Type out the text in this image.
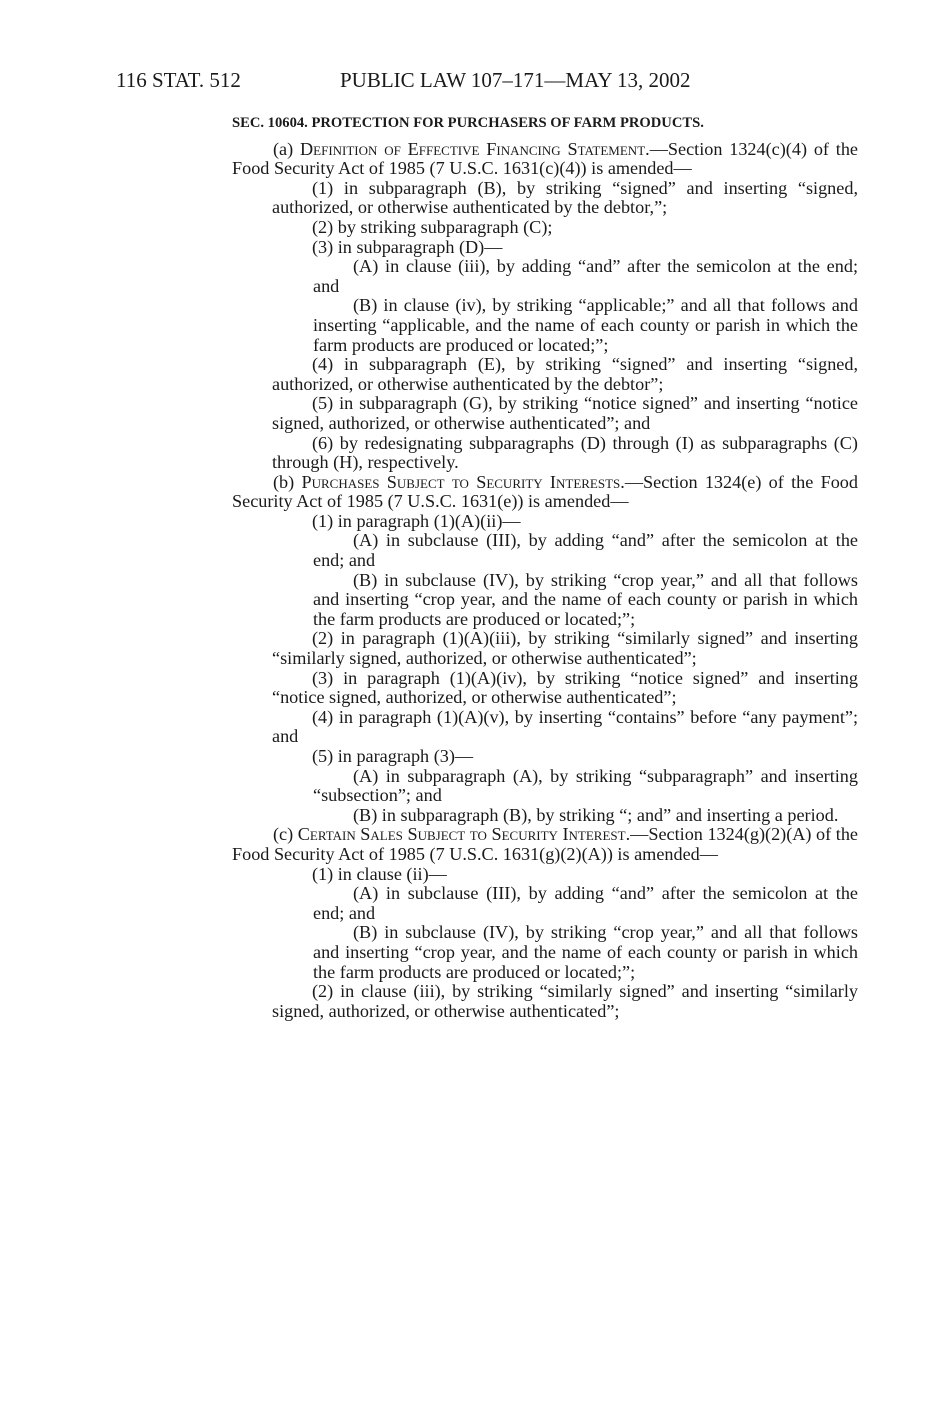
116 STAT. 512	PUBLIC LAW 107–171—MAY 13, 2002

SEC. 10604. PROTECTION FOR PURCHASERS OF FARM PRODUCTS.

(a) Definition of Effective Financing Statement.—Section 1324(c)(4) of the Food Security Act of 1985 (7 U.S.C. 1631(c)(4)) is amended—

(1) in subparagraph (B), by striking “signed” and inserting “signed, authorized, or otherwise authenticated by the debtor,”;

(2) by striking subparagraph (C);

(3) in subparagraph (D)—

(A) in clause (iii), by adding “and” after the semicolon at the end; and

(B) in clause (iv), by striking “applicable;” and all that follows and inserting “applicable, and the name of each county or parish in which the farm products are produced or located;”;

(4) in subparagraph (E), by striking “signed” and inserting “signed, authorized, or otherwise authenticated by the debtor”;

(5) in subparagraph (G), by striking “notice signed” and inserting “notice signed, authorized, or otherwise authenticated”; and

(6) by redesignating subparagraphs (D) through (I) as subparagraphs (C) through (H), respectively.

(b) Purchases Subject to Security Interests.—Section 1324(e) of the Food Security Act of 1985 (7 U.S.C. 1631(e)) is amended—

(1) in paragraph (1)(A)(ii)—

(A) in subclause (III), by adding “and” after the semicolon at the end; and

(B) in subclause (IV), by striking “crop year,” and all that follows and inserting “crop year, and the name of each county or parish in which the farm products are produced or located;”;

(2) in paragraph (1)(A)(iii), by striking “similarly signed” and inserting “similarly signed, authorized, or otherwise authenticated”;

(3) in paragraph (1)(A)(iv), by striking “notice signed” and inserting “notice signed, authorized, or otherwise authenticated”;

(4) in paragraph (1)(A)(v), by inserting “contains” before “any payment”; and

(5) in paragraph (3)—

(A) in subparagraph (A), by striking “subparagraph” and inserting “subsection”; and

(B) in subparagraph (B), by striking “; and” and inserting a period.

(c) Certain Sales Subject to Security Interest.—Section 1324(g)(2)(A) of the Food Security Act of 1985 (7 U.S.C. 1631(g)(2)(A)) is amended—

(1) in clause (ii)—

(A) in subclause (III), by adding “and” after the semicolon at the end; and

(B) in subclause (IV), by striking “crop year,” and all that follows and inserting “crop year, and the name of each county or parish in which the farm products are produced or located;”;

(2) in clause (iii), by striking “similarly signed” and inserting “similarly signed, authorized, or otherwise authenticated”;
